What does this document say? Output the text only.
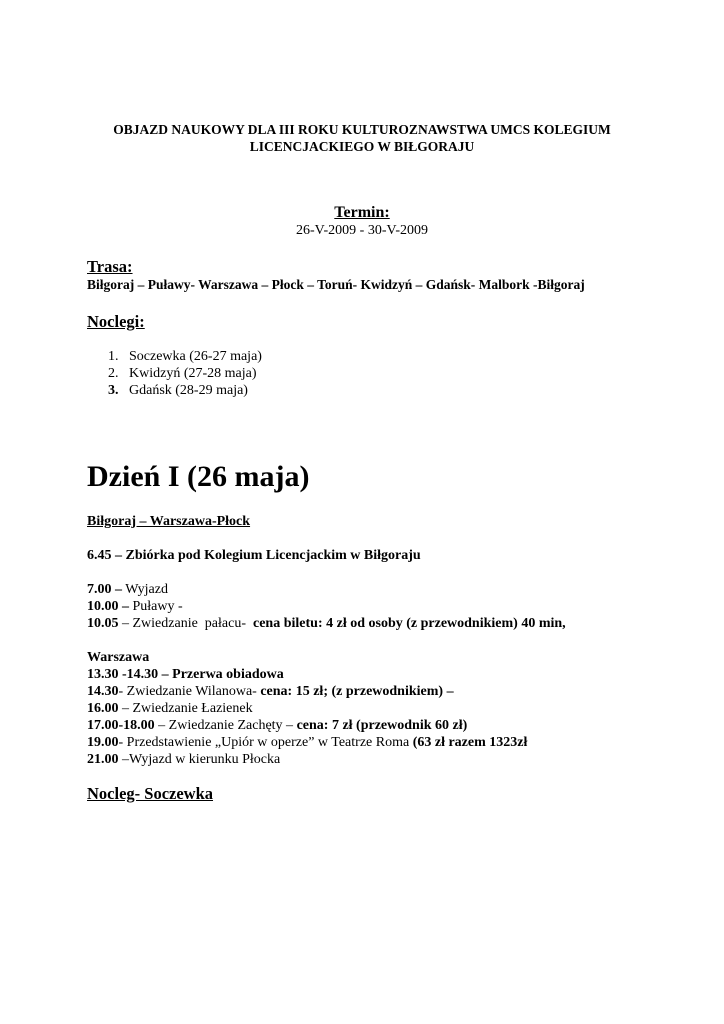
OBJAZD NAUKOWY DLA III ROKU KULTUROZNAWSTWA UMCS KOLEGIUM
LICENCJACKIEGO W BIŁGORAJU
Termin:
26-V-2009 - 30-V-2009
Trasa:
Biłgoraj – Puławy- Warszawa – Płock – Toruń- Kwidzyń – Gdańsk- Malbork -Biłgoraj
Noclegi:
1. Soczewka (26-27 maja)
2. Kwidzyń (27-28 maja)
3. Gdańsk (28-29 maja)
Dzień I (26 maja)
Biłgoraj – Warszawa-Płock
6.45 – Zbiórka pod Kolegium Licencjackim w Biłgoraju
7.00 – Wyjazd
10.00 – Puławy -
10.05 – Zwiedzanie  pałacu-  cena biletu: 4 zł od osoby (z przewodnikiem) 40 min,
Warszawa
13.30 -14.30 – Przerwa obiadowa
14.30- Zwiedzanie Wilanowa- cena: 15 zł; (z przewodnikiem) –
16.00 – Zwiedzanie Łazienek
17.00-18.00 – Zwiedzanie Zachęty – cena: 7 zł (przewodnik 60 zł)
19.00- Przedstawienie „Upiór w operze” w Teatrze Roma (63 zł razem 1323zł
21.00 –Wyjazd w kierunku Płocka
Nocleg- Soczewka
